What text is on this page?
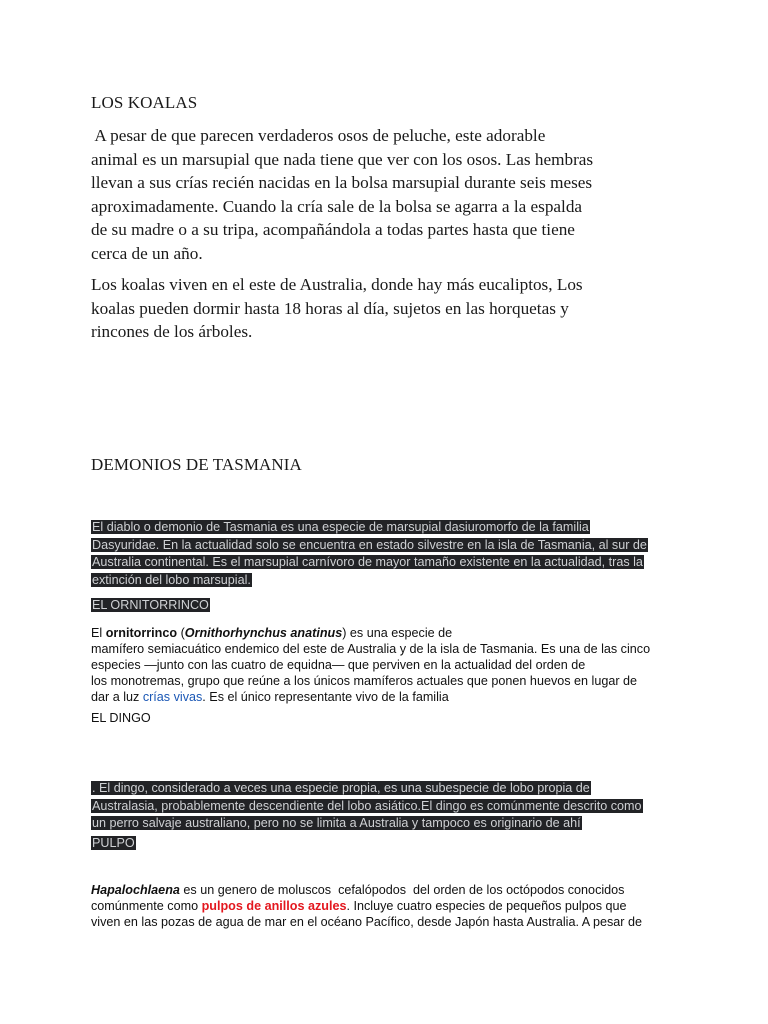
LOS KOALAS

A pesar de que parecen verdaderos osos de peluche, este adorable
animal es un marsupial que nada tiene que ver con los osos. Las hembras
llevan a sus crías recién nacidas en la bolsa marsupial durante seis meses
aproximadamente. Cuando la cría sale de la bolsa se agarra a la espalda
de su madre o a su tripa, acompañándola a todas partes hasta que tiene
cerca de un año.

Los koalas viven en el este de Australia, donde hay más eucaliptos, Los
koalas pueden dormir hasta 18 horas al día, sujetos en las horquetas y
rincones de los árboles.

DEMONIOS DE TASMANIA

El diablo o demonio de Tasmania es una especie de marsupial dasiuromorfo de la familia
Dasyuridae. En la actualidad solo se encuentra en estado silvestre en la isla de Tasmania, al sur de
Australia continental. Es el marsupial carnívoro de mayor tamaño existente en la actualidad, tras la
extinción del lobo marsupial.

EL ORNITORRINCO

El ornitorrinco (Ornithorhynchus anatinus) es una especie de
mamífero semiacuático endemico del este de Australia y de la isla de Tasmania. Es una de las cinco
especies —junto con las cuatro de equidna— que perviven en la actualidad del orden de
los monotremas, grupo que reúne a los únicos mamíferos actuales que ponen huevos en lugar de
dar a luz crías vivas. Es el único representante vivo de la familia

EL DINGO

. El dingo, considerado a veces una especie propia, es una subespecie de lobo propia de
Australasia, probablemente descendiente del lobo asiático.El dingo es comúnmente descrito como
un perro salvaje australiano, pero no se limita a Australia y tampoco es originario de ahí

PULPO

Hapalochlaena es un genero de moluscos  cefalópodos  del orden de los octópodos conocidos
comúnmente como pulpos de anillos azules. Incluye cuatro especies de pequeños pulpos que
viven en las pozas de agua de mar en el océano Pacífico, desde Japón hasta Australia. A pesar de
